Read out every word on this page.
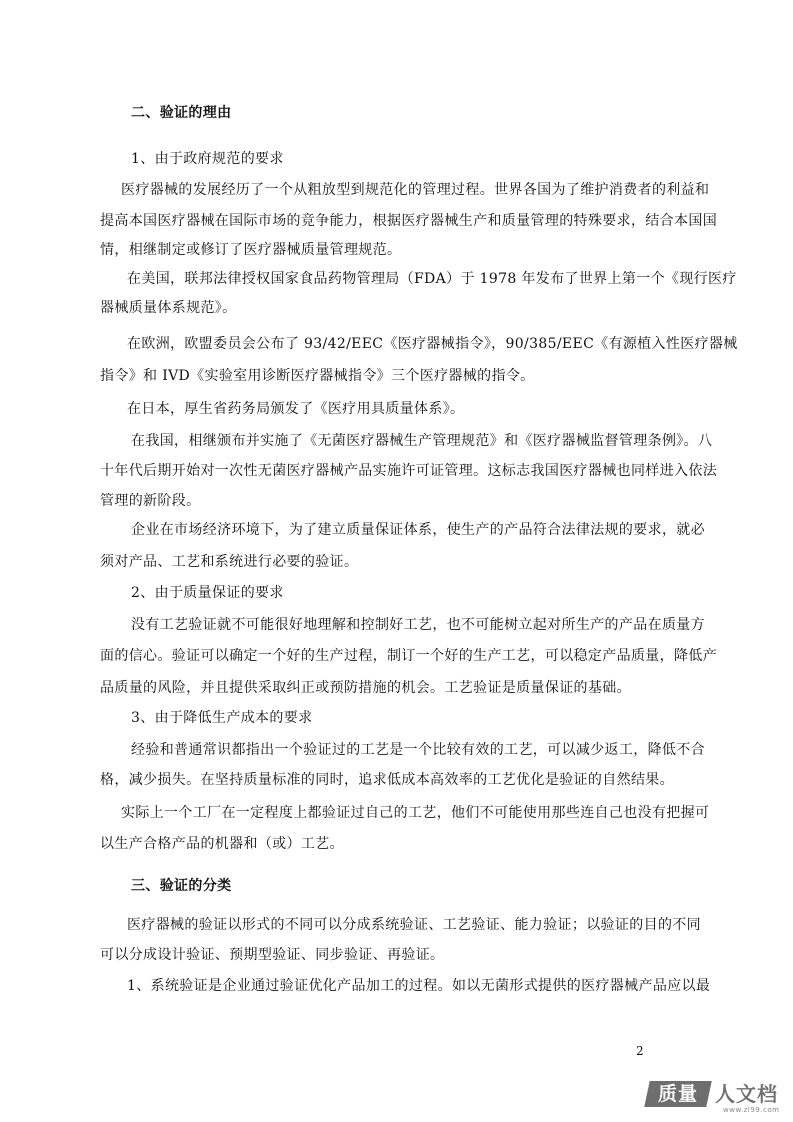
二、验证的理由
1、由于政府规范的要求
医疗器械的发展经历了一个从粗放型到规范化的管理过程。世界各国为了维护消费者的利益和
提高本国医疗器械在国际市场的竞争能力，根据医疗器械生产和质量管理的特殊要求，结合本国国
情，相继制定或修订了医疗器械质量管理规范。
在美国，联邦法律授权国家食品药物管理局（FDA）于 1978 年发布了世界上第一个《现行医疗
器械质量体系规范》。
在欧洲，欧盟委员会公布了 93/42/EEC《医疗器械指令》，90/385/EEC《有源植入性医疗器械
指令》和 IVD《实验室用诊断医疗器械指令》三个医疗器械的指令。
在日本，厚生省药务局颁发了《医疗用具质量体系》。
在我国，相继颁布并实施了《无菌医疗器械生产管理规范》和《医疗器械监督管理条例》。八
十年代后期开始对一次性无菌医疗器械产品实施许可证管理。这标志我国医疗器械也同样进入依法
管理的新阶段。
企业在市场经济环境下，为了建立质量保证体系，使生产的产品符合法律法规的要求，就必
须对产品、工艺和系统进行必要的验证。
2、由于质量保证的要求
没有工艺验证就不可能很好地理解和控制好工艺，也不可能树立起对所生产的产品在质量方
面的信心。验证可以确定一个好的生产过程，制订一个好的生产工艺，可以稳定产品质量，降低产
品质量的风险，并且提供采取纠正或预防措施的机会。工艺验证是质量保证的基础。
3、由于降低生产成本的要求
经验和普通常识都指出一个验证过的工艺是一个比较有效的工艺，可以减少返工，降低不合
格，减少损失。在坚持质量标准的同时，追求低成本高效率的工艺优化是验证的自然结果。
实际上一个工厂在一定程度上都验证过自己的工艺，他们不可能使用那些连自己也没有把握可
以生产合格产品的机器和（或）工艺。
三、验证的分类
医疗器械的验证以形式的不同可以分成系统验证、工艺验证、能力验证；以验证的目的不同
可以分成设计验证、预期型验证、同步验证、再验证。
1、系统验证是企业通过验证优化产品加工的过程。如以无菌形式提供的医疗器械产品应以最
2
质量 人文档
www.zl99.com
